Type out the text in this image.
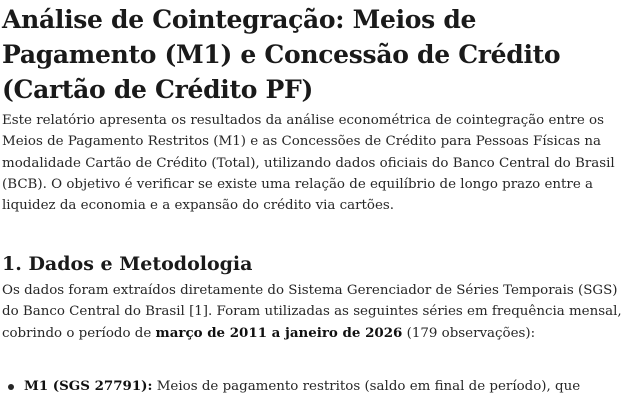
Análise de Cointegração: Meios de Pagamento (M1) e Concessão de Crédito (Cartão de Crédito PF)

Este relatório apresenta os resultados da análise econométrica de cointegração entre os Meios de Pagamento Restritos (M1) e as Concessões de Crédito para Pessoas Físicas na modalidade Cartão de Crédito (Total), utilizando dados oficiais do Banco Central do Brasil (BCB). O objetivo é verificar se existe uma relação de equilíbrio de longo prazo entre a liquidez da economia e a expansão do crédito via cartões.

1. Dados e Metodologia

Os dados foram extraídos diretamente do Sistema Gerenciador de Séries Temporais (SGS) do Banco Central do Brasil [1]. Foram utilizadas as seguintes séries em frequência mensal, cobrindo o período de março de 2011 a janeiro de 2026 (179 observações):

M1 (SGS 27791): Meios de pagamento restritos (saldo em final de período), que
